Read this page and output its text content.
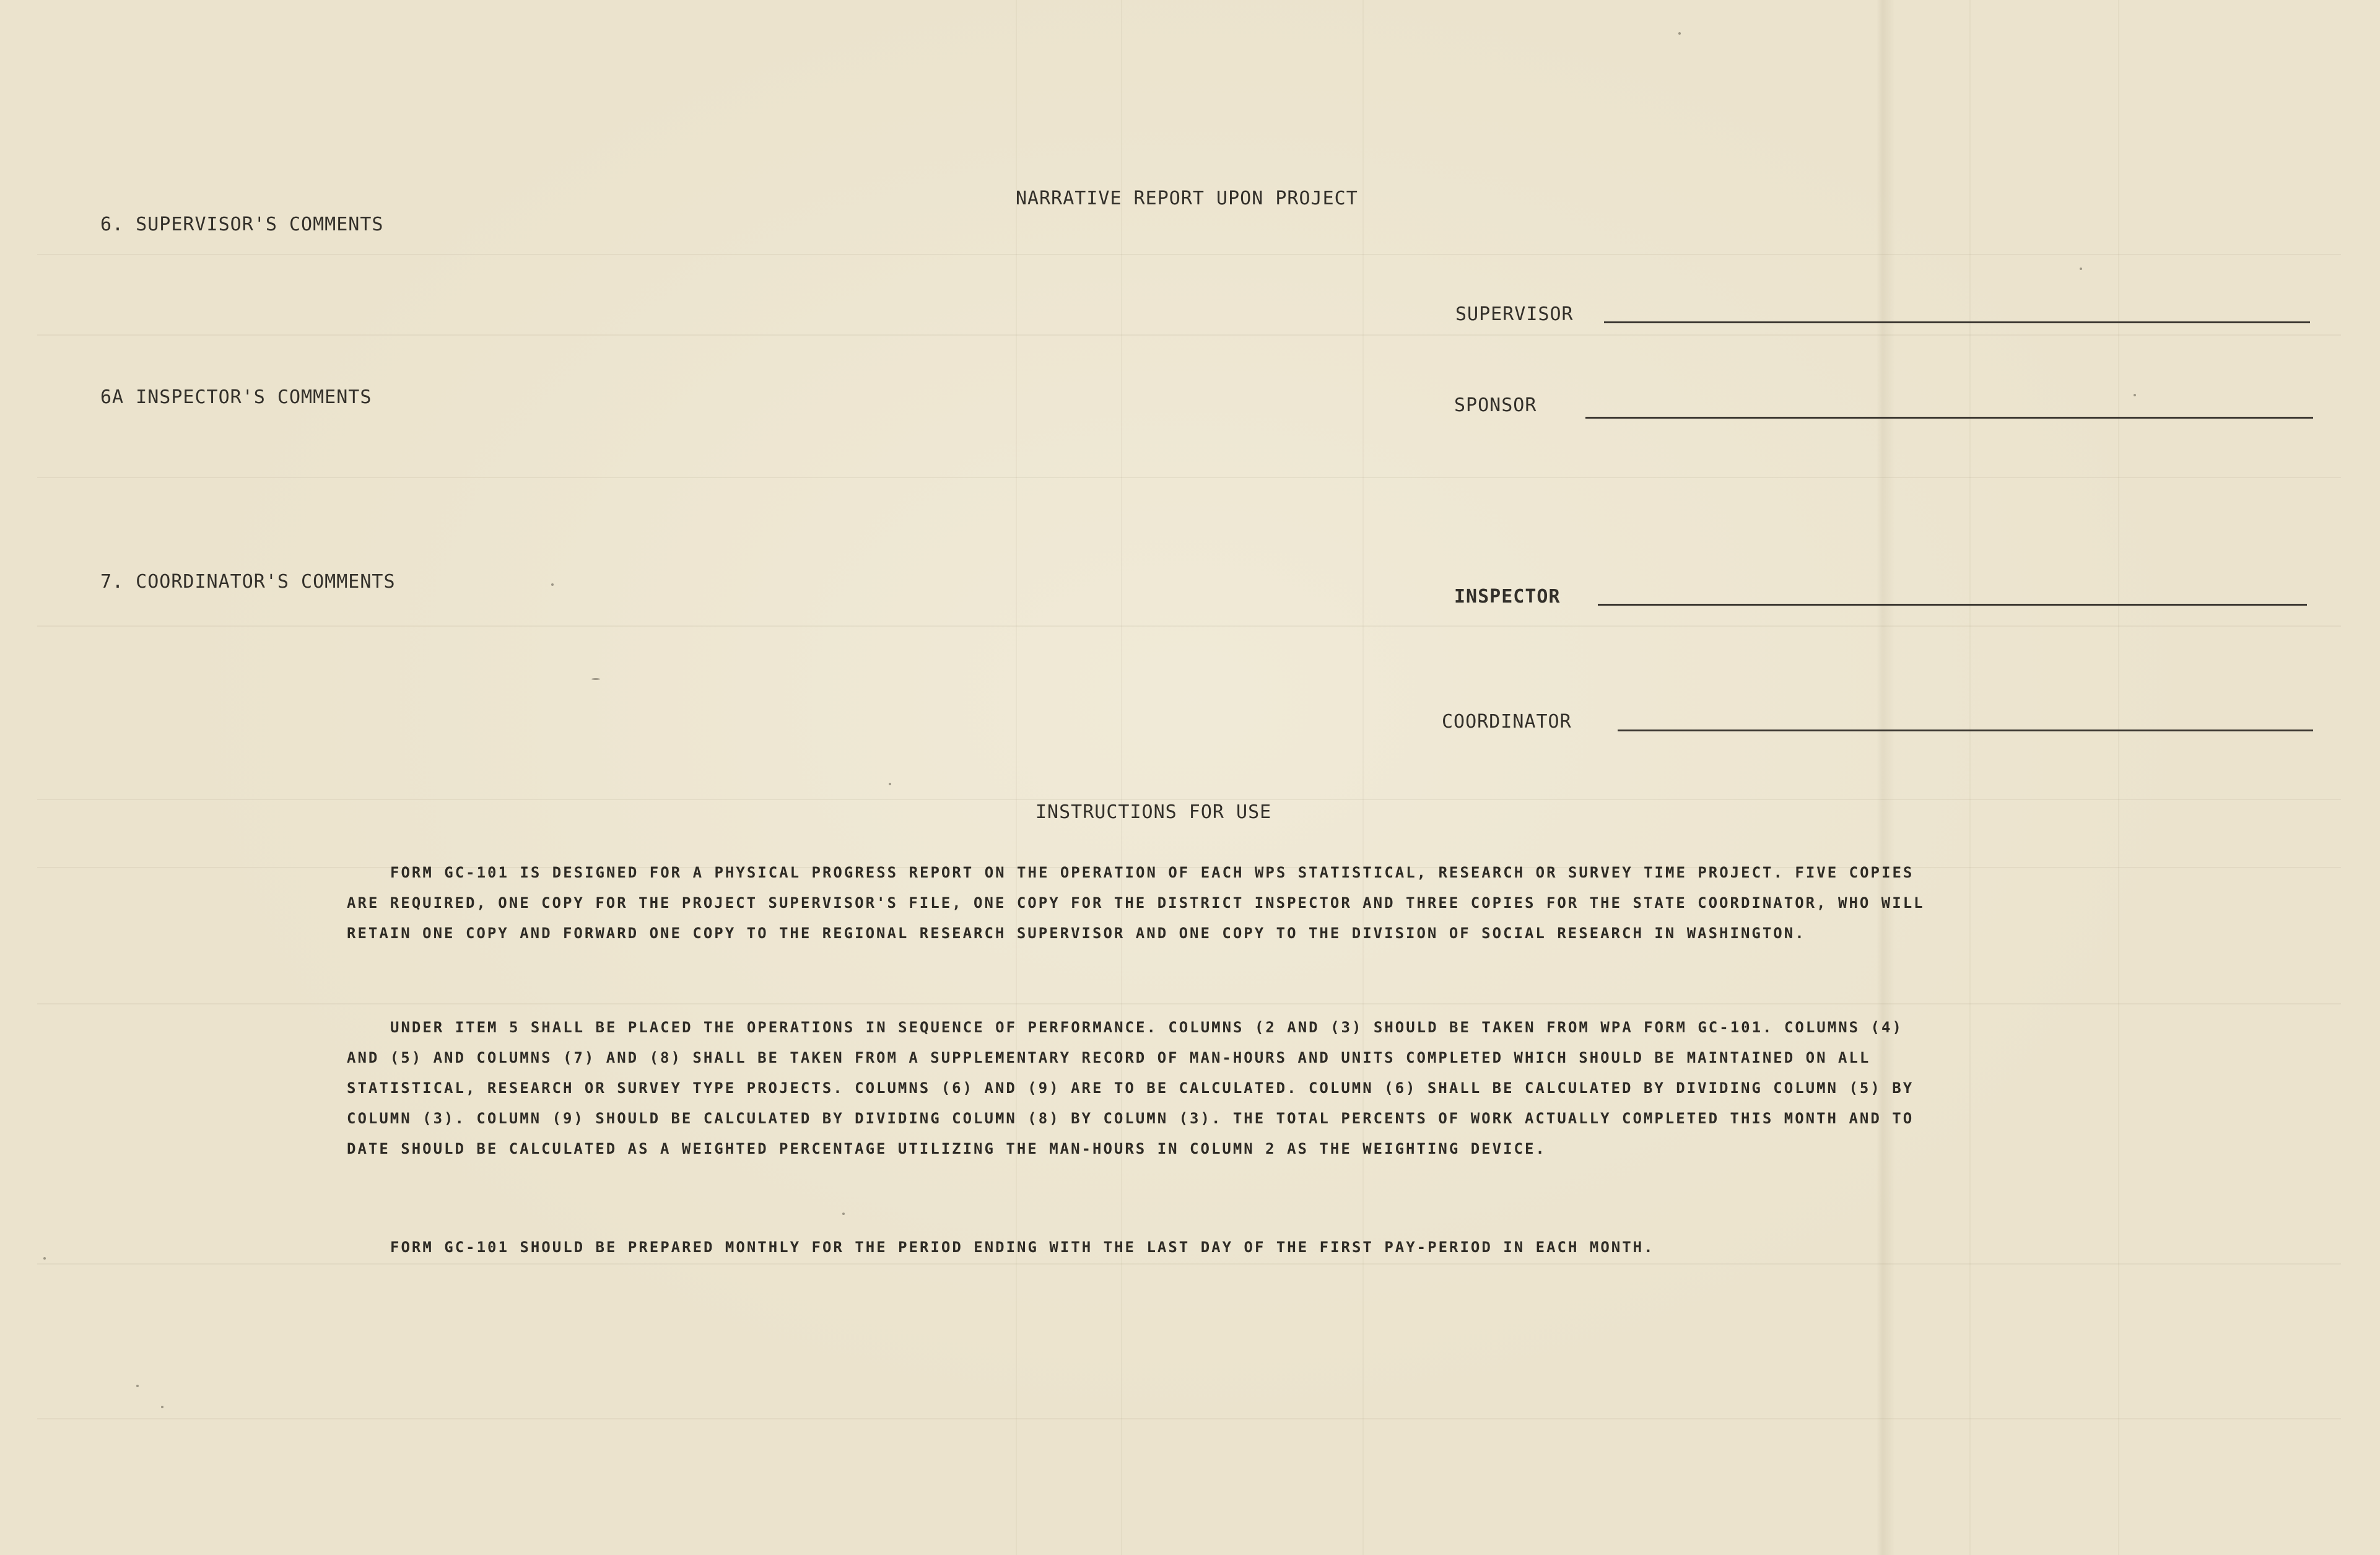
NARRATIVE REPORT UPON PROJECT
6. SUPERVISOR'S COMMENTS
6A INSPECTOR'S COMMENTS
7. COORDINATOR'S COMMENTS
SUPERVISOR
SPONSOR
INSPECTOR
COORDINATOR
INSTRUCTIONS FOR USE

FORM GC-101 IS DESIGNED FOR A PHYSICAL PROGRESS REPORT ON THE OPERATION OF EACH WPS STATISTICAL, RESEARCH OR SURVEY TIME PROJECT. FIVE COPIES ARE REQUIRED, ONE COPY FOR THE PROJECT SUPERVISOR'S FILE, ONE COPY FOR THE DISTRICT INSPECTOR AND THREE COPIES FOR THE STATE COORDINATOR, WHO WILL RETAIN ONE COPY AND FORWARD ONE COPY TO THE REGIONAL RESEARCH SUPERVISOR AND ONE COPY TO THE DIVISION OF SOCIAL RESEARCH IN WASHINGTON.

UNDER ITEM 5 SHALL BE PLACED THE OPERATIONS IN SEQUENCE OF PERFORMANCE. COLUMNS (2 AND (3) SHOULD BE TAKEN FROM WPA FORM GC-101. COLUMNS (4) AND (5) AND COLUMNS (7) AND (8) SHALL BE TAKEN FROM A SUPPLEMENTARY RECORD OF MAN-HOURS AND UNITS COMPLETED WHICH SHOULD BE MAINTAINED ON ALL STATISTICAL, RESEARCH OR SURVEY TYPE PROJECTS. COLUMNS (6) AND (9) ARE TO BE CALCULATED. COLUMN (6) SHALL BE CALCULATED BY DIVIDING COLUMN (5) BY COLUMN (3). COLUMN (9) SHOULD BE CALCULATED BY DIVIDING COLUMN (8) BY COLUMN (3). THE TOTAL PERCENTS OF WORK ACTUALLY COMPLETED THIS MONTH AND TO DATE SHOULD BE CALCULATED AS A WEIGHTED PERCENTAGE UTILIZING THE MAN-HOURS IN COLUMN 2 AS THE WEIGHTING DEVICE.

FORM GC-101 SHOULD BE PREPARED MONTHLY FOR THE PERIOD ENDING WITH THE LAST DAY OF THE FIRST PAY-PERIOD IN EACH MONTH.
